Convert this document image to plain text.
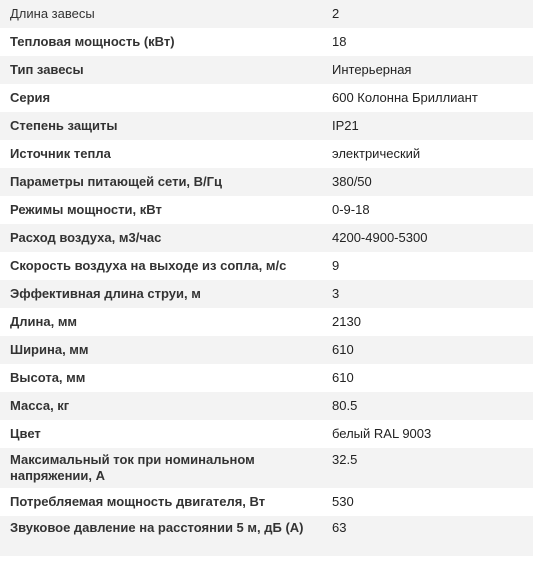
Длина завесы	2
Тепловая мощность (кВт)	18
Тип завесы	Интерьерная
Серия	600 Колонна Бриллиант
Степень защиты	IP21
Источник тепла	электрический
Параметры питающей сети, В/Гц	380/50
Режимы мощности, кВт	0-9-18
Расход воздуха, м3/час	4200-4900-5300
Скорость воздуха на выходе из сопла, м/с	9
Эффективная длина струи, м	3
Длина, мм	2130
Ширина, мм	610
Высота, мм	610
Масса, кг	80.5
Цвет	белый RAL 9003
Максимальный ток при номинальном напряжении, А	32.5
Потребляемая мощность двигателя, Вт	530
Звуковое давление на расстоянии 5 м, дБ (А)	63
